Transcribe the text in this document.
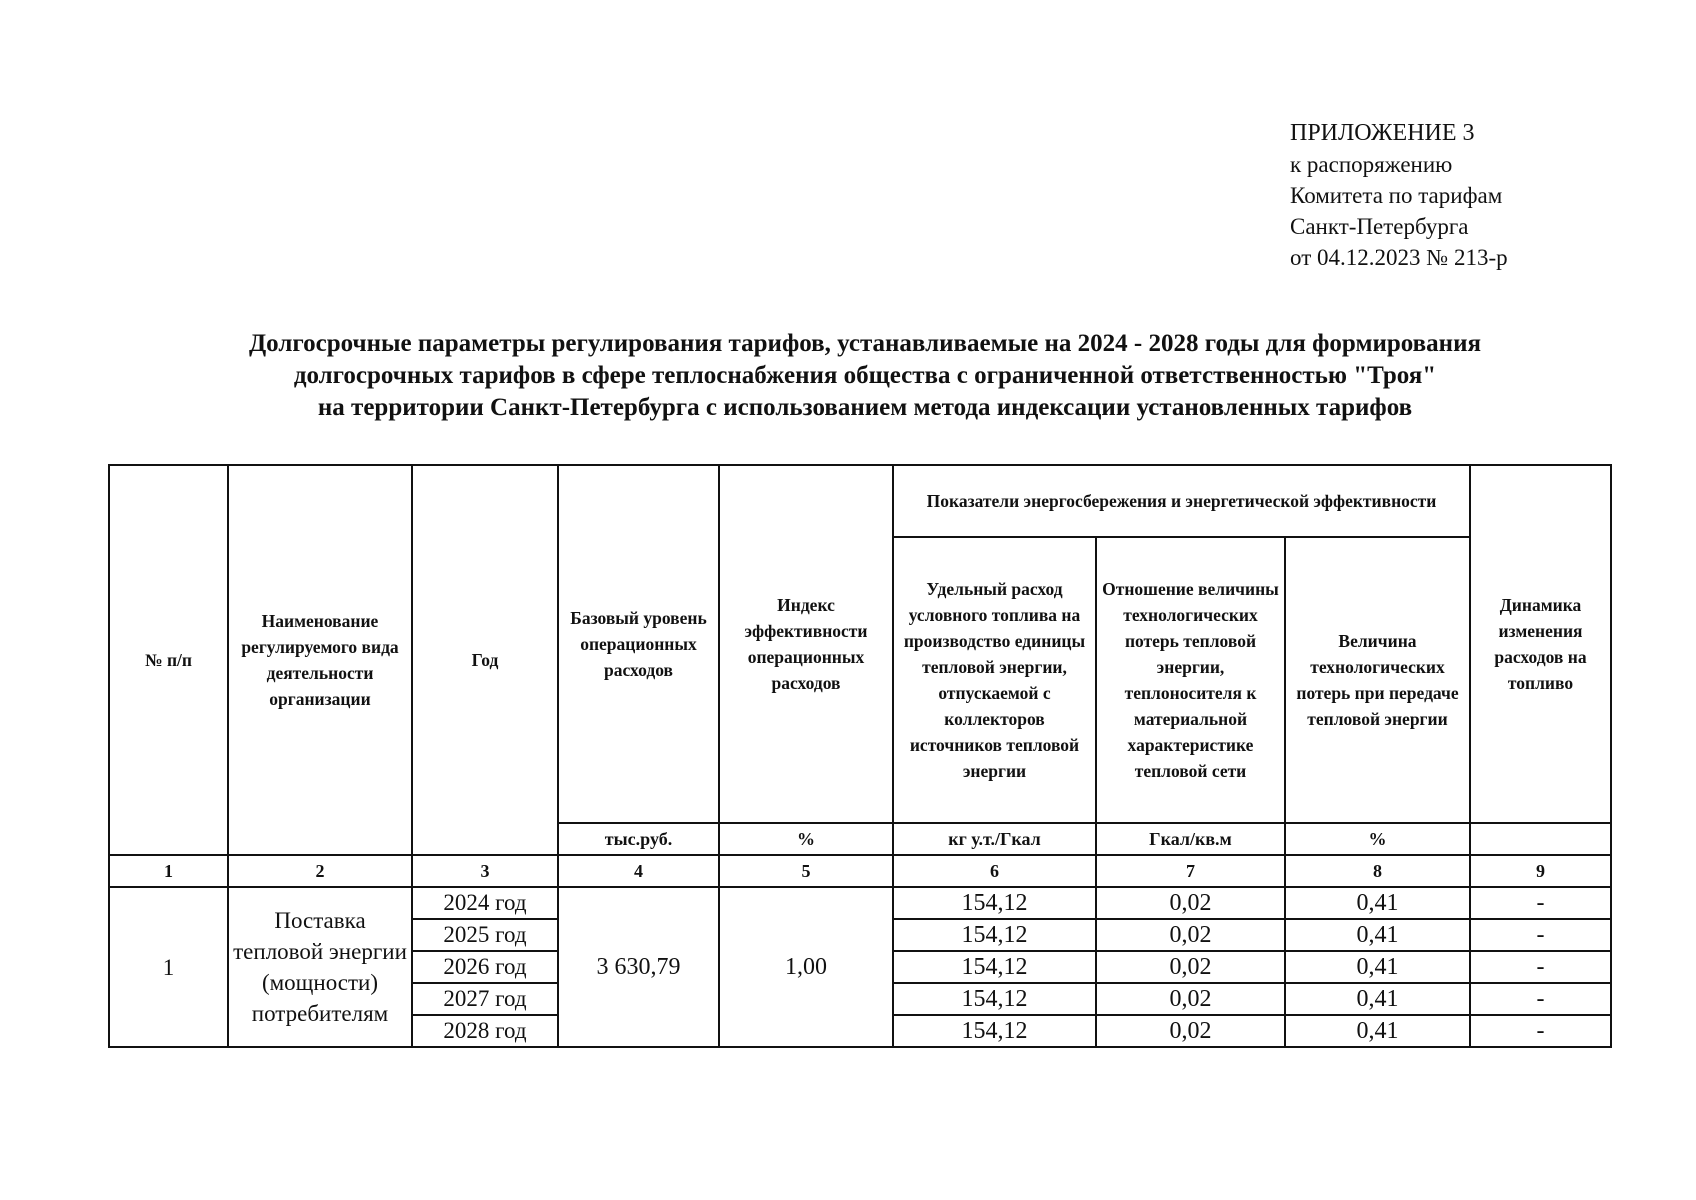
ПРИЛОЖЕНИЕ 3
к распоряжению
Комитета по тарифам
Санкт-Петербурга
от 04.12.2023 № 213-р
Долгосрочные параметры регулирования тарифов, устанавливаемые на 2024 - 2028 годы для формирования
долгосрочных тарифов в сфере теплоснабжения общества с ограниченной ответственностью "Троя"
на территории Санкт-Петербурга с использованием метода индексации установленных тарифов
№ п/п	Наименование регулируемого вида деятельности организации	Год	Базовый уровень операционных расходов	Индекс эффективности операционных расходов	Показатели энергосбережения и энергетической эффективности			Динамика изменения расходов на топливо
					Удельный расход условного топлива на производство единицы тепловой энергии, отпускаемой с коллекторов источников тепловой энергии	Отношение величины технологических потерь тепловой энергии, теплоносителя к материальной характеристике тепловой сети	Величина технологических потерь при передаче тепловой энергии	
			тыс.руб.	%	кг у.т./Гкал	Гкал/кв.м	%	
1	2	3	4	5	6	7	8	9
1	Поставка тепловой энергии (мощности) потребителям	2024 год	3 630,79	1,00	154,12	0,02	0,41	-
		2025 год			154,12	0,02	0,41	-
		2026 год			154,12	0,02	0,41	-
		2027 год			154,12	0,02	0,41	-
		2028 год			154,12	0,02	0,41	-
